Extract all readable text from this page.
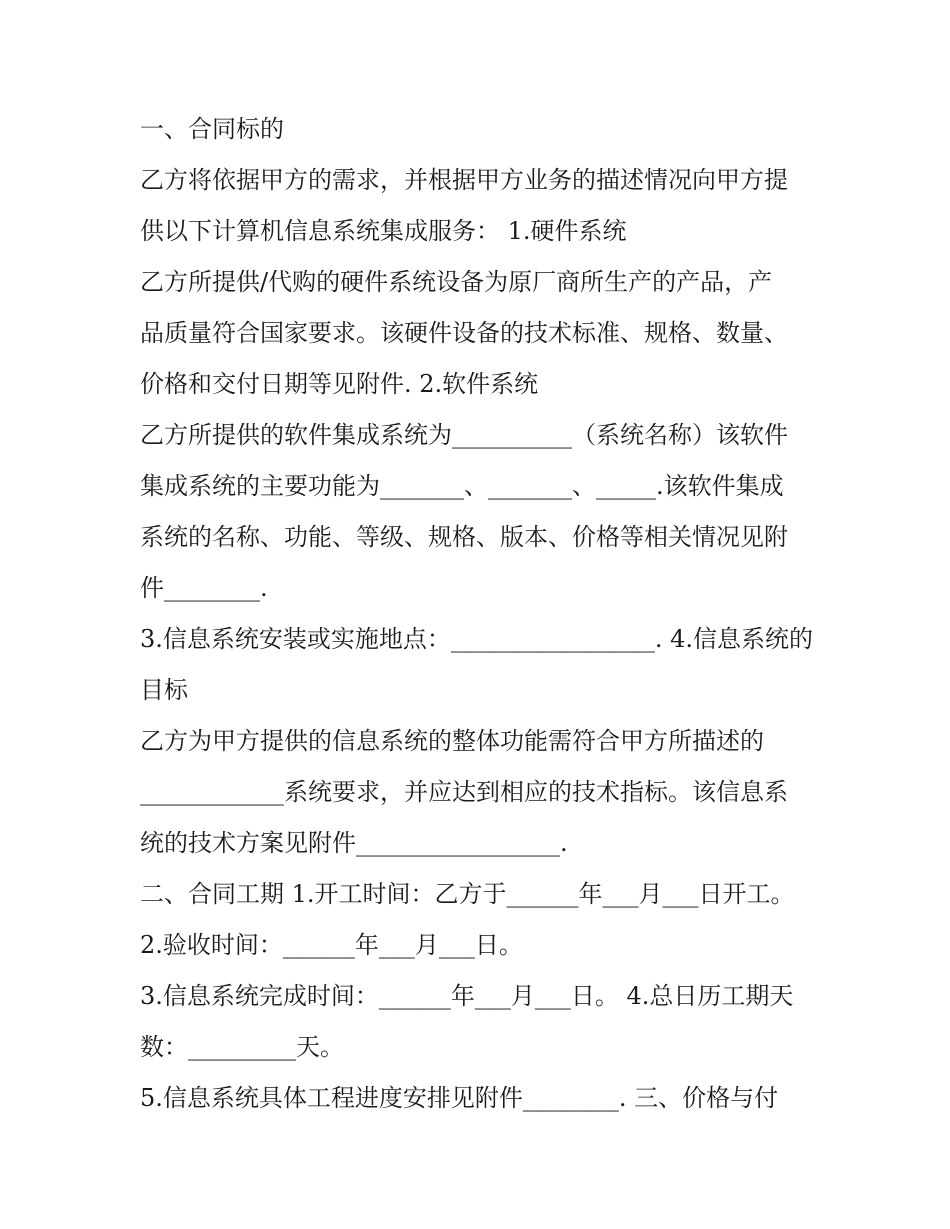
一、合同标的
乙方将依据甲方的需求，并根据甲方业务的描述情况向甲方提
供以下计算机信息系统集成服务： 1.硬件系统
乙方所提供/代购的硬件系统设备为原厂商所生产的产品，产
品质量符合国家要求。该硬件设备的技术标准、规格、数量、
价格和交付日期等见附件. 2.软件系统
乙方所提供的软件集成系统为__________（系统名称）该软件
集成系统的主要功能为_______、_______、_____.该软件集成
系统的名称、功能、等级、规格、版本、价格等相关情况见附
件________.
3.信息系统安装或实施地点：_________________. 4.信息系统的
目标
乙方为甲方提供的信息系统的整体功能需符合甲方所描述的
____________系统要求，并应达到相应的技术指标。该信息系
统的技术方案见附件_________________.
二、合同工期 1.开工时间：乙方于______年___月___日开工。
2.验收时间：______年___月___日。
3.信息系统完成时间：______年___月___日。 4.总日历工期天
数：_________天。
5.信息系统具体工程进度安排见附件________. 三、价格与付
